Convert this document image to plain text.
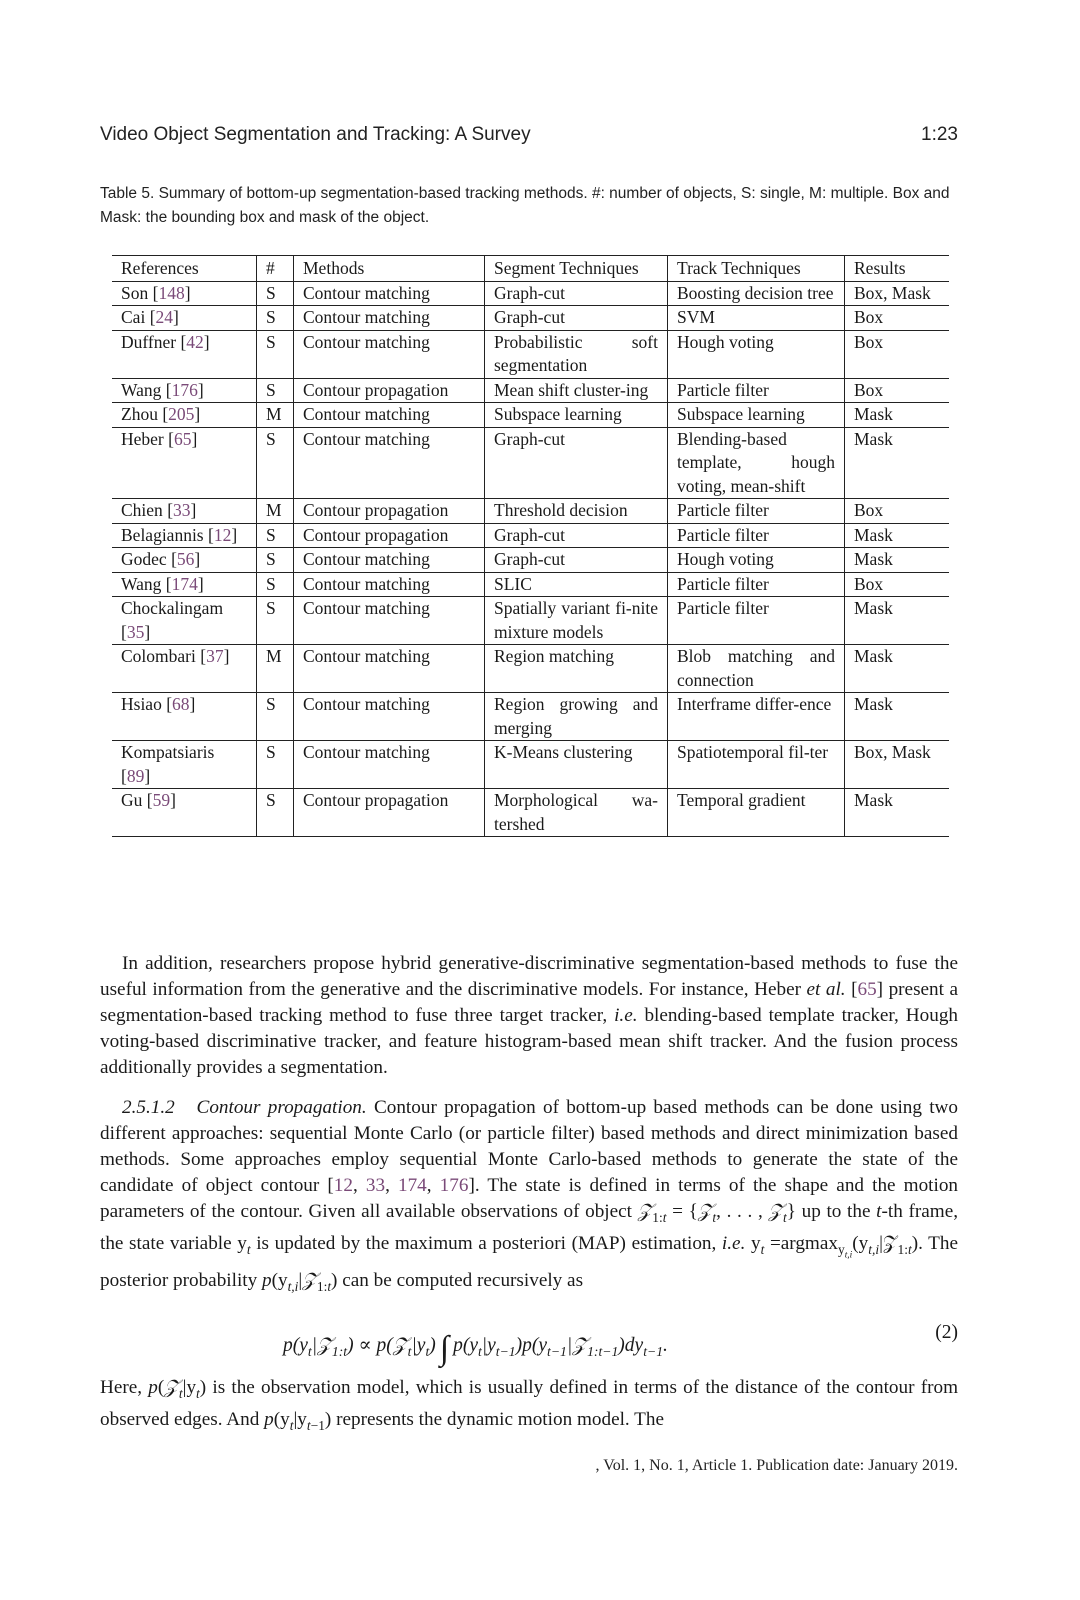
Video Object Segmentation and Tracking: A Survey	1:23
Table 5. Summary of bottom-up segmentation-based tracking methods. #: number of objects, S: single, M: multiple. Box and Mask: the bounding box and mask of the object.
References	#	Methods	Segment Techniques	Track Techniques	Results
Son [148]	S	Contour matching	Graph-cut	Boosting decision tree	Box, Mask
Cai [24]	S	Contour matching	Graph-cut	SVM	Box
Duffner [42]	S	Contour matching	Probabilistic soft segmentation	Hough voting	Box
Wang [176]	S	Contour propagation	Mean shift cluster-ing	Particle filter	Box
Zhou [205]	M	Contour matching	Subspace learning	Subspace learning	Mask
Heber [65]	S	Contour matching	Graph-cut	Blending-based template, hough voting, mean-shift	Mask
Chien [33]	M	Contour propagation	Threshold decision	Particle filter	Box
Belagiannis [12]	S	Contour propagation	Graph-cut	Particle filter	Mask
Godec [56]	S	Contour matching	Graph-cut	Hough voting	Mask
Wang [174]	S	Contour matching	SLIC	Particle filter	Box
Chockalingam [35]	S	Contour matching	Spatially variant fi-nite mixture models	Particle filter	Mask
Colombari [37]	M	Contour matching	Region matching	Blob matching and connection	Mask
Hsiao [68]	S	Contour matching	Region growing and merging	Interframe differ-ence	Mask
Kompatsiaris [89]	S	Contour matching	K-Means clustering	Spatiotemporal fil-ter	Box, Mask
Gu [59]	S	Contour propagation	Morphological wa-tershed	Temporal gradient	Mask
In addition, researchers propose hybrid generative-discriminative segmentation-based methods to fuse the useful information from the generative and the discriminative models. For instance, Heber et al. [65] present a segmentation-based tracking method to fuse three target tracker, i.e. blending-based template tracker, Hough voting-based discriminative tracker, and feature histogram-based mean shift tracker. And the fusion process additionally provides a segmentation.
2.5.1.2 Contour propagation. Contour propagation of bottom-up based methods can be done using two different approaches: sequential Monte Carlo (or particle filter) based methods and direct minimization based methods. Some approaches employ sequential Monte Carlo-based methods to generate the state of the candidate of object contour [12, 33, 174, 176]. The state is defined in terms of the shape and the motion parameters of the contour. Given all available observations of object 𝒵$_{1:t}$ = {𝒵$_t$, . . . , 𝒵$_t$} up to the t-th frame, the state variable $y_t$ is updated by the maximum a posteriori (MAP) estimation, i.e. $y_t$ $=argmax_{y_{t,i}}(y_{t,i}|𝒵_{1:t})$. The posterior probability $p(y_{t,i}|𝒵_{1:t})$ can be computed recursively as
$p(y_t|𝒵_{1:t})$ ∝ $p(𝒵_t|y_t)$ ∫ $p(y_t|y_{t-1})p(y_{t-1}|𝒵_{1:t-1})dy_{t-1}$.
(2)
Here, $p(𝒵_t|y_t)$ is the observation model, which is usually defined in terms of the distance of the contour from observed edges. And $p(y_t|y_{t-1})$ represents the dynamic motion model. The
, Vol. 1, No. 1, Article 1. Publication date: January 2019.
